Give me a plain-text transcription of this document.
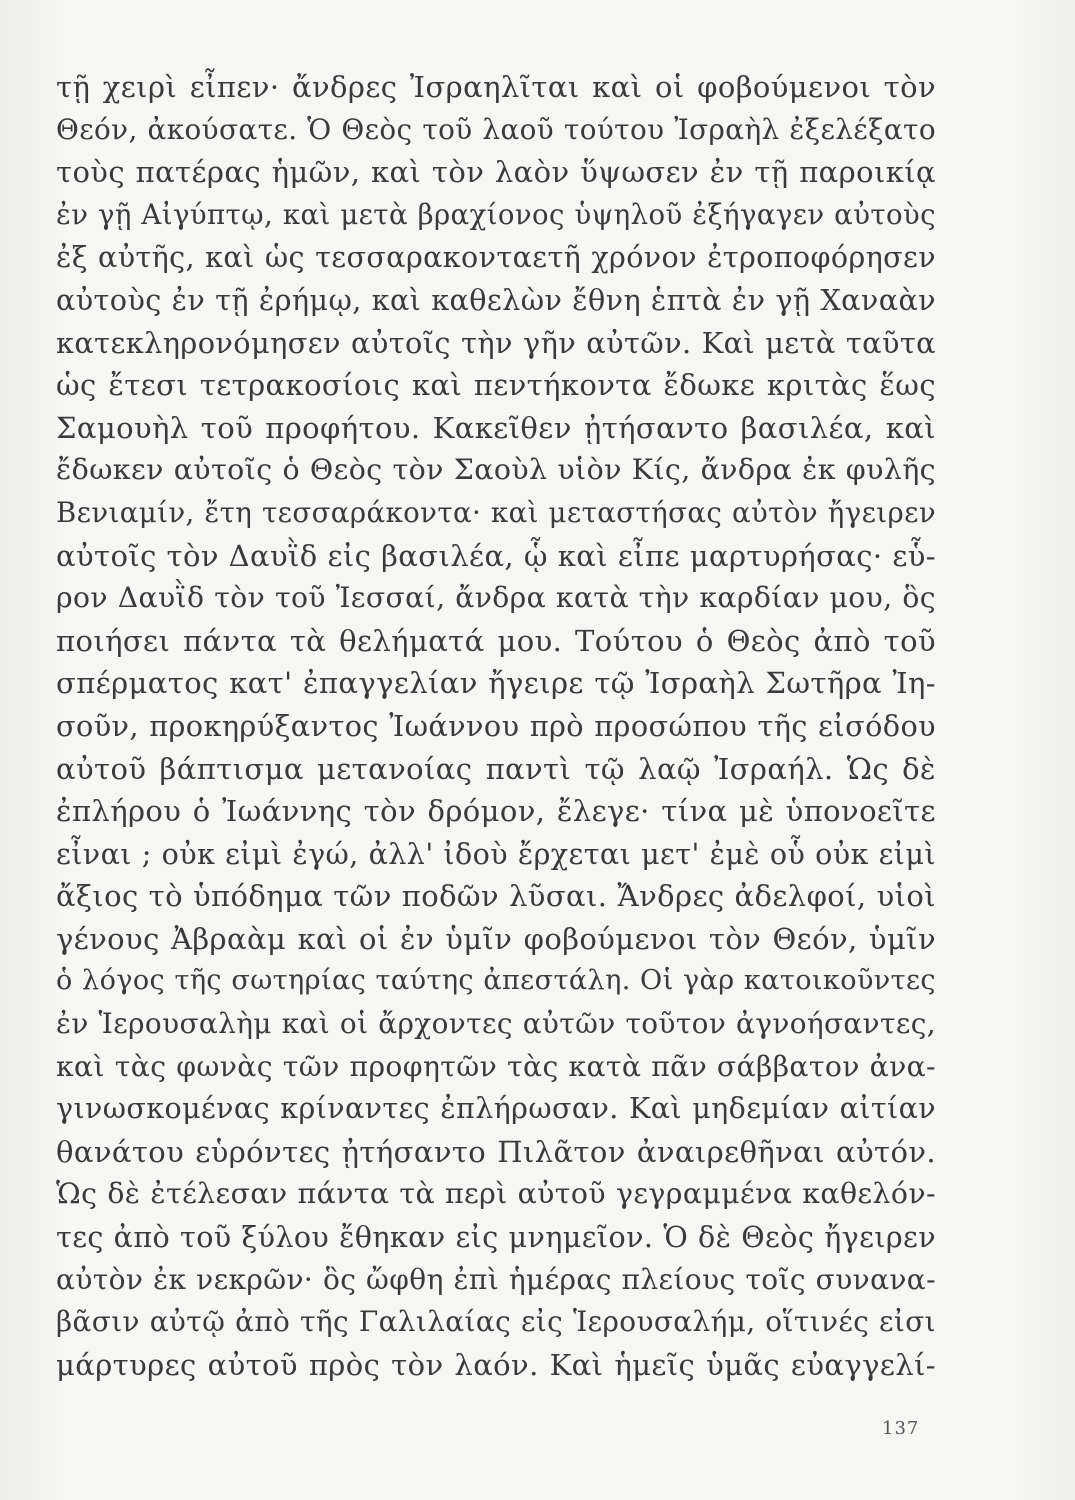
τῇ χειρὶ εἶπεν· ἄνδρες Ἰσραηλῖται καὶ οἱ φοβούμενοι τὸν
Θεόν, ἀκούσατε. Ὁ Θεὸς τοῦ λαοῦ τούτου Ἰσραὴλ ἐξελέξατο
τοὺς πατέρας ἡμῶν, καὶ τὸν λαὸν ὕψωσεν ἐν τῇ παροικίᾳ
ἐν γῇ Αἰγύπτῳ, καὶ μετὰ βραχίονος ὑψηλοῦ ἐξήγαγεν αὐτοὺς
ἐξ αὐτῆς, καὶ ὡς τεσσαρακονταετῆ χρόνον ἐτροποφόρησεν
αὐτοὺς ἐν τῇ ἐρήμῳ, καὶ καθελὼν ἔθνη ἑπτὰ ἐν γῇ Χαναὰν
κατεκληρονόμησεν αὐτοῖς τὴν γῆν αὐτῶν. Καὶ μετὰ ταῦτα
ὡς ἔτεσι τετρακοσίοις καὶ πεντήκοντα ἔδωκε κριτὰς ἕως
Σαμουὴλ τοῦ προφήτου. Κακεῖθεν ᾐτήσαντο βασιλέα, καὶ
ἔδωκεν αὐτοῖς ὁ Θεὸς τὸν Σαοὺλ υἱὸν Κίς, ἄνδρα ἐκ φυλῆς
Βενιαμίν, ἔτη τεσσαράκοντα· καὶ μεταστήσας αὐτὸν ἤγειρεν
αὐτοῖς τὸν Δαυῒδ εἰς βασιλέα, ᾧ καὶ εἶπε μαρτυρήσας· εὗ-
ρον Δαυῒδ τὸν τοῦ Ἰεσσαί, ἄνδρα κατὰ τὴν καρδίαν μου, ὃς
ποιήσει πάντα τὰ θελήματά μου. Τούτου ὁ Θεὸς ἀπὸ τοῦ
σπέρματος κατ' ἐπαγγελίαν ἤγειρε τῷ Ἰσραὴλ Σωτῆρα Ἰη-
σοῦν, προκηρύξαντος Ἰωάννου πρὸ προσώπου τῆς εἰσόδου
αὐτοῦ βάπτισμα μετανοίας παντὶ τῷ λαῷ Ἰσραήλ. Ὡς δὲ
ἐπλήρου ὁ Ἰωάννης τὸν δρόμον, ἔλεγε· τίνα μὲ ὑπονοεῖτε
εἶναι ; οὐκ εἰμὶ ἐγώ, ἀλλ' ἰδοὺ ἔρχεται μετ' ἐμὲ οὗ οὐκ εἰμὶ
ἄξιος τὸ ὑπόδημα τῶν ποδῶν λῦσαι. Ἄνδρες ἀδελφοί, υἱοὶ
γένους Ἀβραὰμ καὶ οἱ ἐν ὑμῖν φοβούμενοι τὸν Θεόν, ὑμῖν
ὁ λόγος τῆς σωτηρίας ταύτης ἀπεστάλη. Οἱ γὰρ κατοικοῦντες
ἐν Ἱερουσαλὴμ καὶ οἱ ἄρχοντες αὐτῶν τοῦτον ἀγνοήσαντες,
καὶ τὰς φωνὰς τῶν προφητῶν τὰς κατὰ πᾶν σάββατον ἀνα-
γινωσκομένας κρίναντες ἐπλήρωσαν. Καὶ μηδεμίαν αἰτίαν
θανάτου εὑρόντες ᾐτήσαντο Πιλᾶτον ἀναιρεθῆναι αὐτόν.
Ὡς δὲ ἐτέλεσαν πάντα τὰ περὶ αὐτοῦ γεγραμμένα καθελόν-
τες ἀπὸ τοῦ ξύλου ἔθηκαν εἰς μνημεῖον. Ὁ δὲ Θεὸς ἤγειρεν
αὐτὸν ἐκ νεκρῶν· ὃς ὤφθη ἐπὶ ἡμέρας πλείους τοῖς συνανα-
βᾶσιν αὐτῷ ἀπὸ τῆς Γαλιλαίας εἰς Ἱερουσαλήμ, οἵτινές εἰσι
μάρτυρες αὐτοῦ πρὸς τὸν λαόν. Καὶ ἡμεῖς ὑμᾶς εὐαγγελί-
137
